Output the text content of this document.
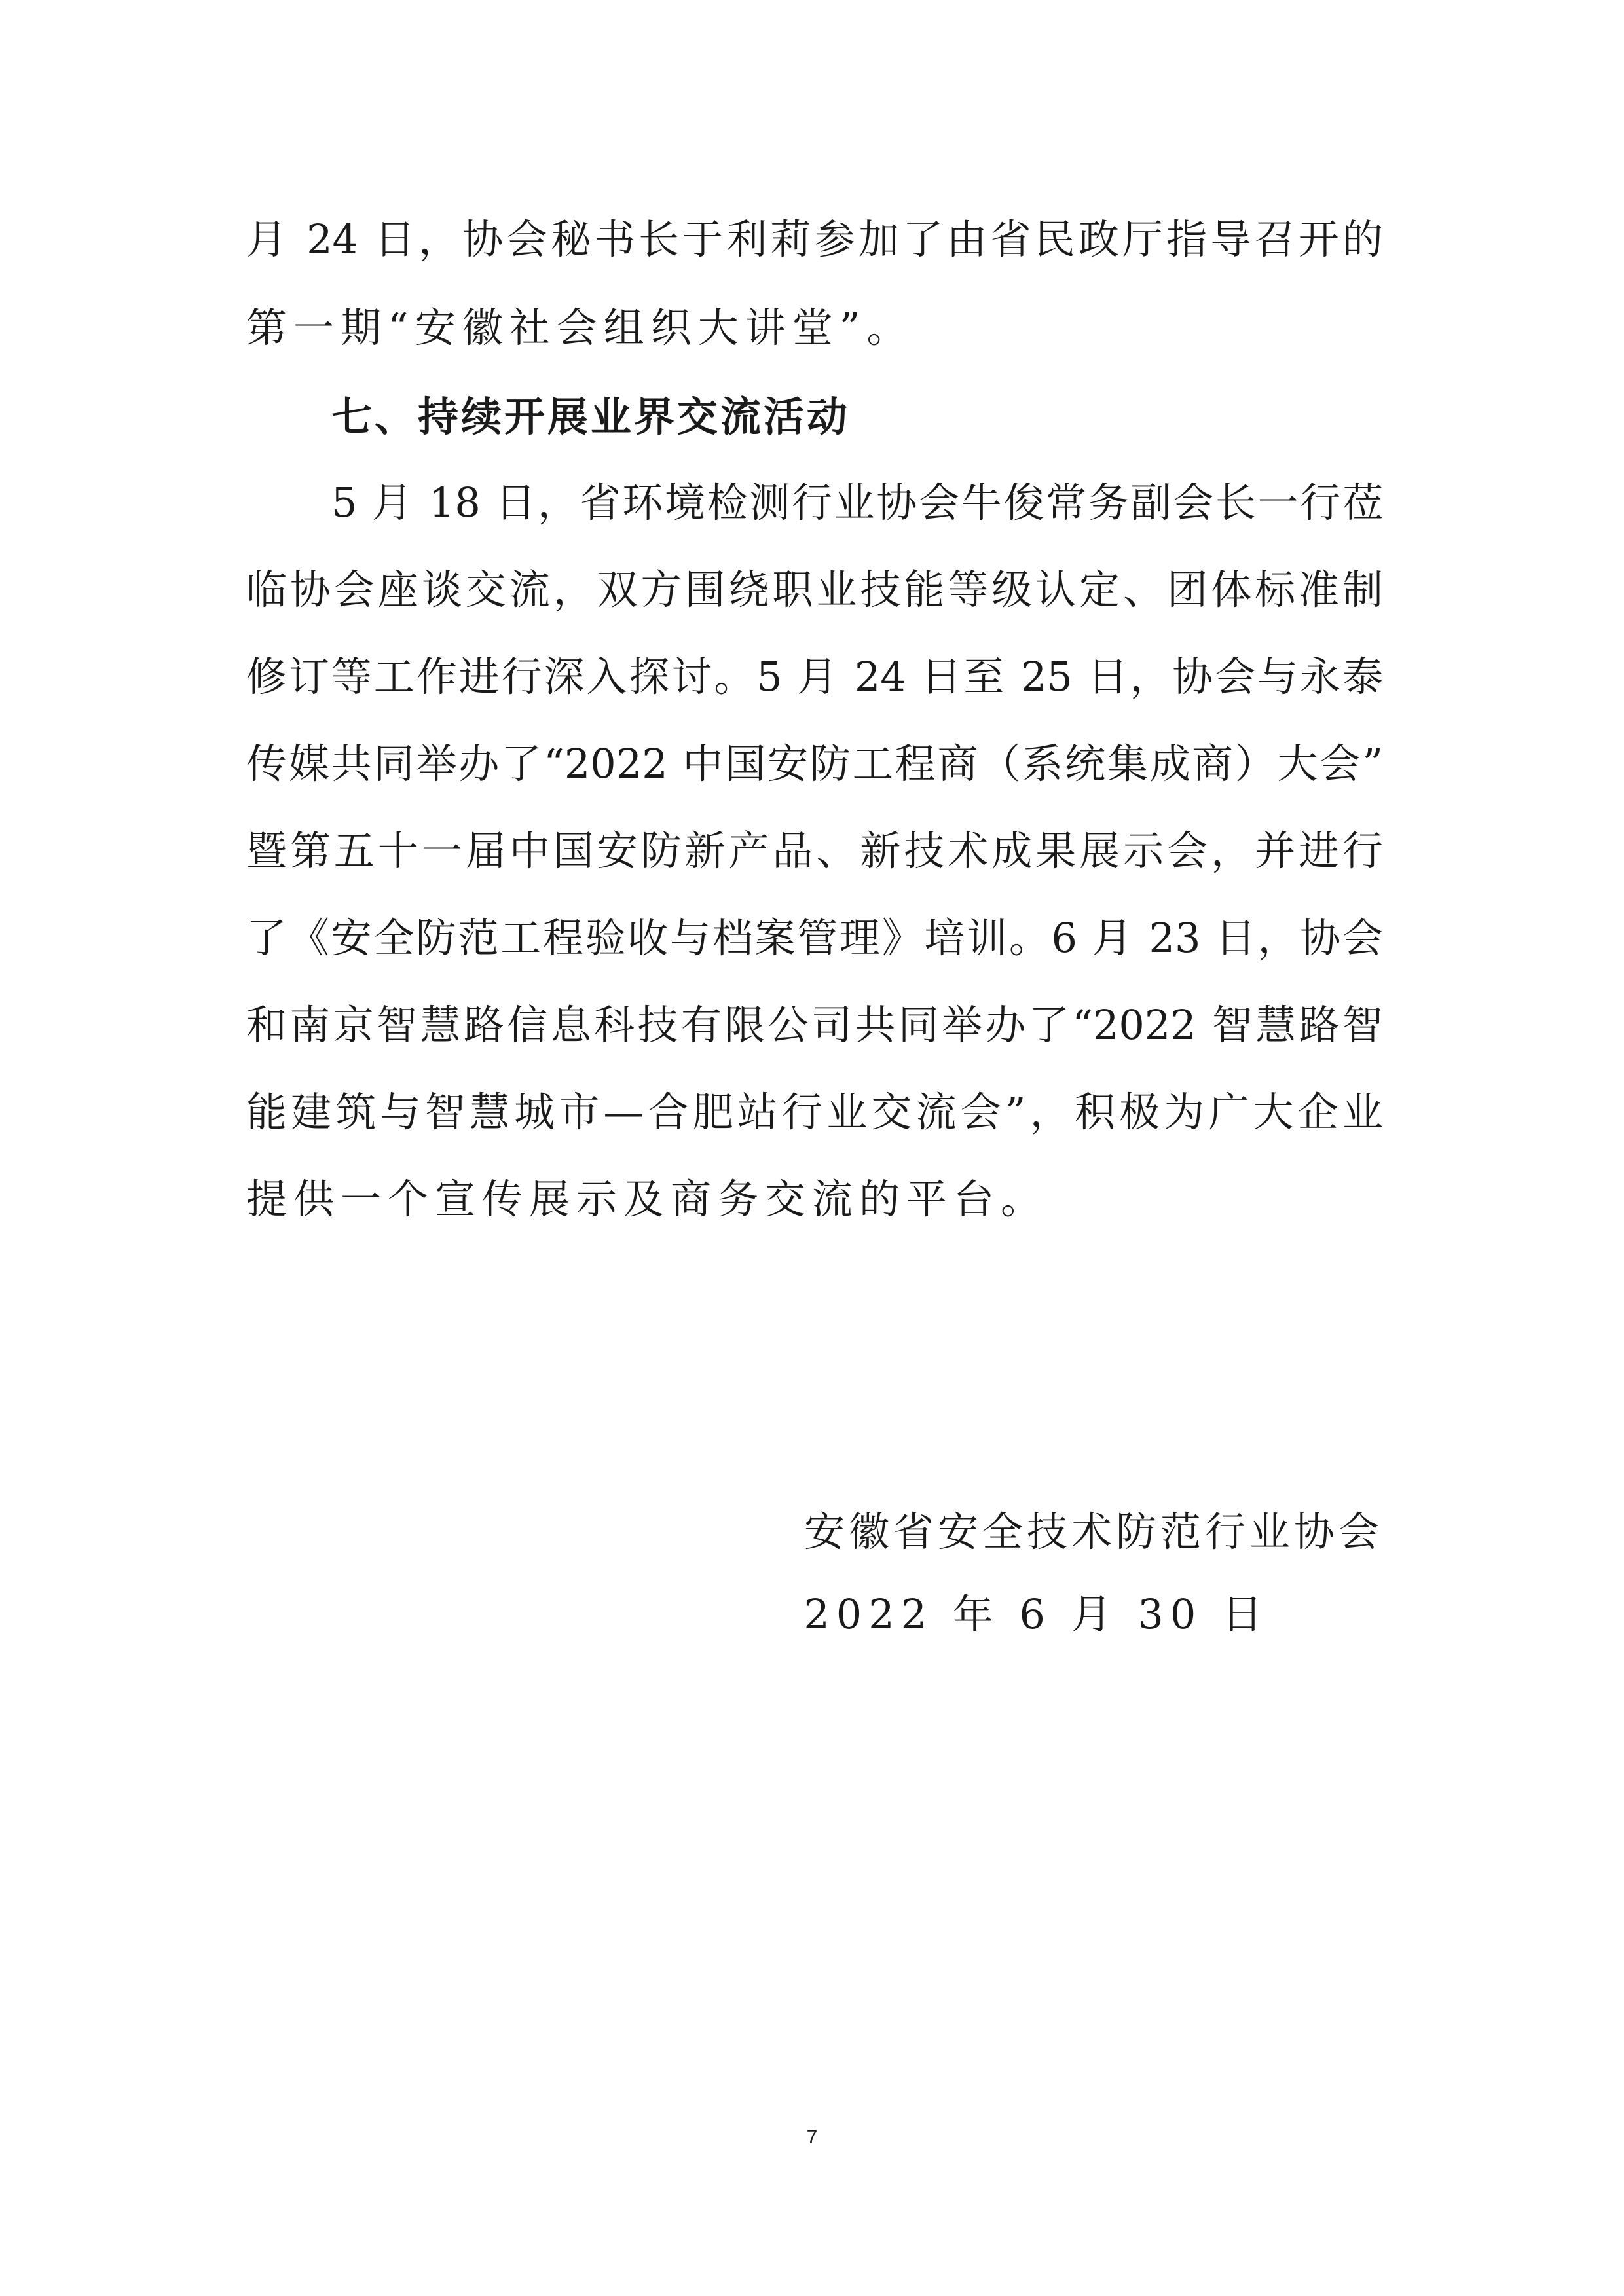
月 24 日，协会秘书长于利莉参加了由省民政厅指导召开的
第一期“安徽社会组织大讲堂”。
七、持续开展业界交流活动
5 月 18 日，省环境检测行业协会牛俊常务副会长一行莅
临协会座谈交流，双方围绕职业技能等级认定、团体标准制
修订等工作进行深入探讨。5 月 24 日至 25 日，协会与永泰
传媒共同举办了“2022 中国安防工程商（系统集成商）大会”
暨第五十一届中国安防新产品、新技术成果展示会，并进行
了《安全防范工程验收与档案管理》培训。6 月 23 日，协会
和南京智慧路信息科技有限公司共同举办了“2022 智慧路智
能建筑与智慧城市—合肥站行业交流会”，积极为广大企业
提供一个宣传展示及商务交流的平台。
安徽省安全技术防范行业协会
2022 年 6 月 30 日
7
